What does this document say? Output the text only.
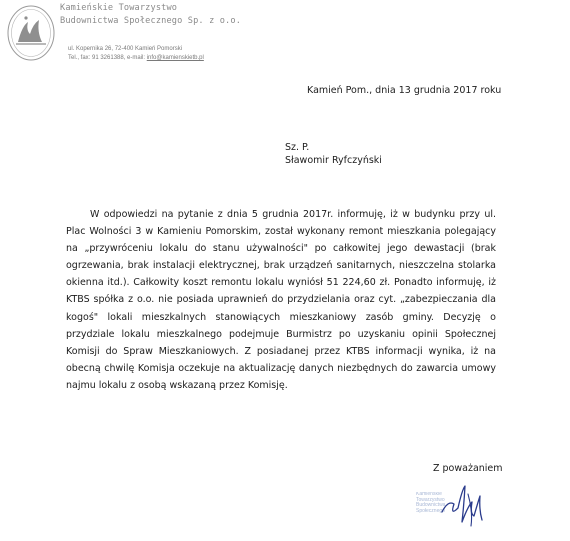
Kamieńskie Towarzystwo
Budownictwa Społecznego Sp. z o.o.
ul. Kopernika 26, 72-400 Kamień Pomorski
Tel., fax: 91 3261388, e-mail: info@kamienskietb.pl
Kamień Pom., dnia 13 grudnia 2017 roku
Sz. P.
Sławomir Ryfczyński
W odpowiedzi na pytanie z dnia 5 grudnia 2017r. informuję, iż w budynku przy ul. Plac Wolności 3 w Kamieniu Pomorskim, został wykonany remont mieszkania polegający na „przywróceniu lokalu do stanu używalności" po całkowitej jego dewastacji (brak ogrzewania, brak instalacji elektrycznej, brak urządzeń sanitarnych, nieszczelna stolarka okienna itd.). Całkowity koszt remontu lokalu wyniósł 51 224,60 zł. Ponadto informuję, iż KTBS spółka z o.o. nie posiada uprawnień do przydzielania oraz cyt. „zabezpieczania dla kogoś" lokali mieszkalnych stanowiących mieszkaniowy zasób gminy. Decyzję o przydziale lokalu mieszkalnego podejmuje Burmistrz po uzyskaniu opinii Społecznej Komisji do Spraw Mieszkaniowych. Z posiadanej przez KTBS informacji wynika, iż na obecną chwilę Komisja oczekuje na aktualizację danych niezbędnych do zawarcia umowy najmu lokalu z osobą wskazaną przez Komisję.
Z poważaniem
Kamieńskie Towarzystwo Budownictwa Społecznego
